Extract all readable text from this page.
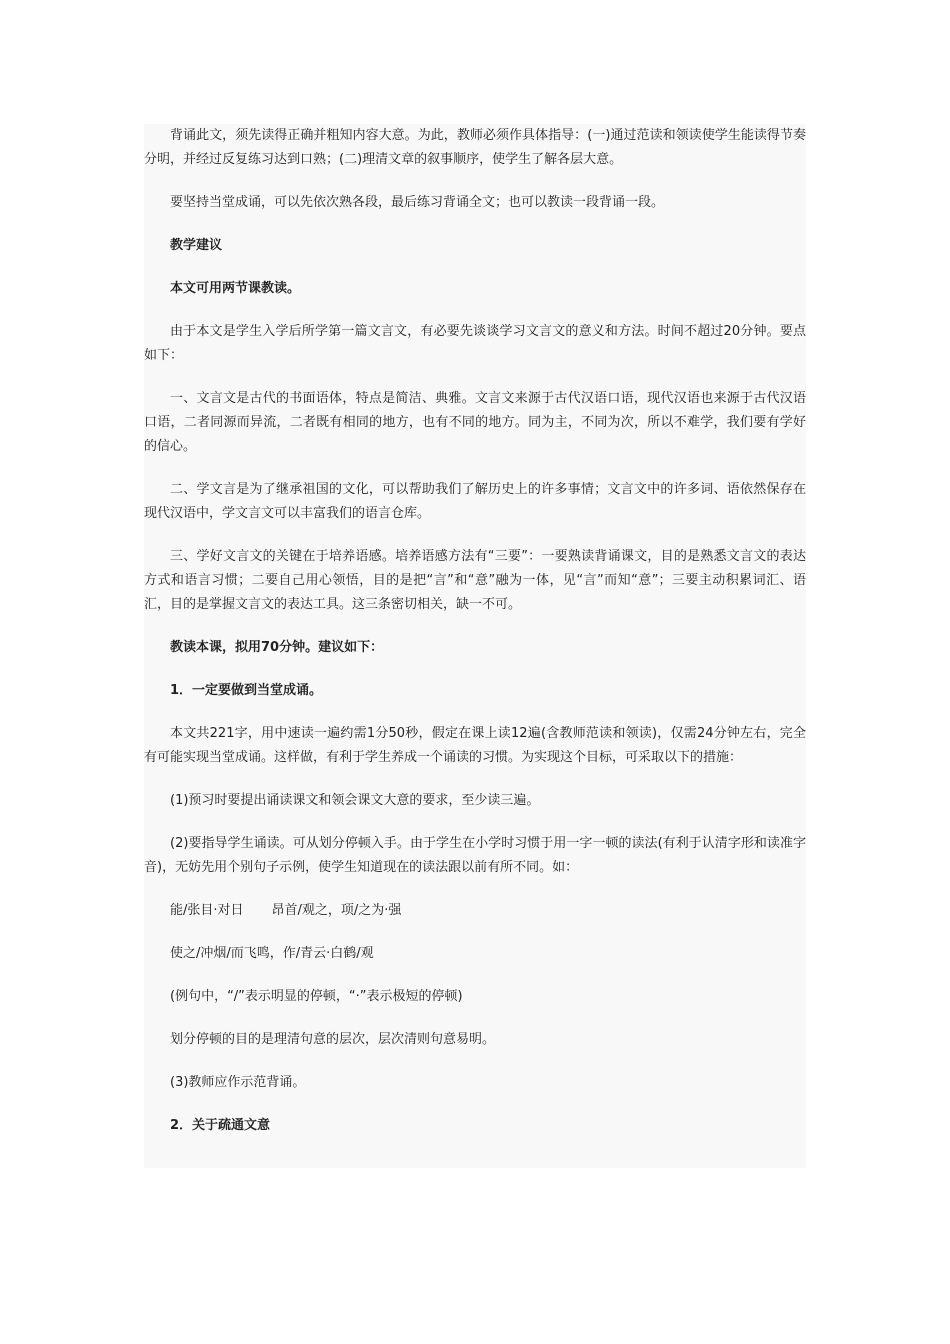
背诵此文，须先读得正确并粗知内容大意。为此，教师必须作具体指导：(一)通过范读和领读使学生能读得节奏分明，并经过反复练习达到口熟；(二)理清文章的叙事顺序，使学生了解各层大意。

要坚持当堂成诵，可以先依次熟各段，最后练习背诵全文；也可以教读一段背诵一段。

教学建议

本文可用两节课教读。

由于本文是学生入学后所学第一篇文言文，有必要先谈谈学习文言文的意义和方法。时间不超过20分钟。要点如下：

一、文言文是古代的书面语体，特点是简洁、典雅。文言文来源于古代汉语口语，现代汉语也来源于古代汉语口语，二者同源而异流，二者既有相同的地方，也有不同的地方。同为主，不同为次，所以不难学，我们要有学好的信心。

二、学文言是为了继承祖国的文化，可以帮助我们了解历史上的许多事情；文言文中的许多词、语依然保存在现代汉语中，学文言文可以丰富我们的语言仓库。

三、学好文言文的关键在于培养语感。培养语感方法有“三要”：一要熟读背诵课文，目的是熟悉文言文的表达方式和语言习惯；二要自己用心领悟，目的是把“言”和“意”融为一体，见“言”而知“意”；三要主动积累词汇、语汇，目的是掌握文言文的表达工具。这三条密切相关，缺一不可。

教读本课，拟用70分钟。建议如下：

1．一定要做到当堂成诵。

本文共221字，用中速读一遍约需1分50秒，假定在课上读12遍(含教师范读和领读)，仅需24分钟左右，完全有可能实现当堂成诵。这样做，有利于学生养成一个诵读的习惯。为实现这个目标，可采取以下的措施：

(1)预习时要提出诵读课文和领会课文大意的要求，至少读三遍。

(2)要指导学生诵读。可从划分停顿入手。由于学生在小学时习惯于用一字一顿的读法(有利于认清字形和读准字音)，无妨先用个别句子示例，使学生知道现在的读法跟以前有所不同。如：

能/张目·对日 昂首/观之，项/之为·强

使之/冲烟/而飞鸣，作/青云·白鹤/观

(例句中，“/”表示明显的停顿，“·”表示极短的停顿)

划分停顿的目的是理清句意的层次，层次清则句意易明。

(3)教师应作示范背诵。

2．关于疏通文意
